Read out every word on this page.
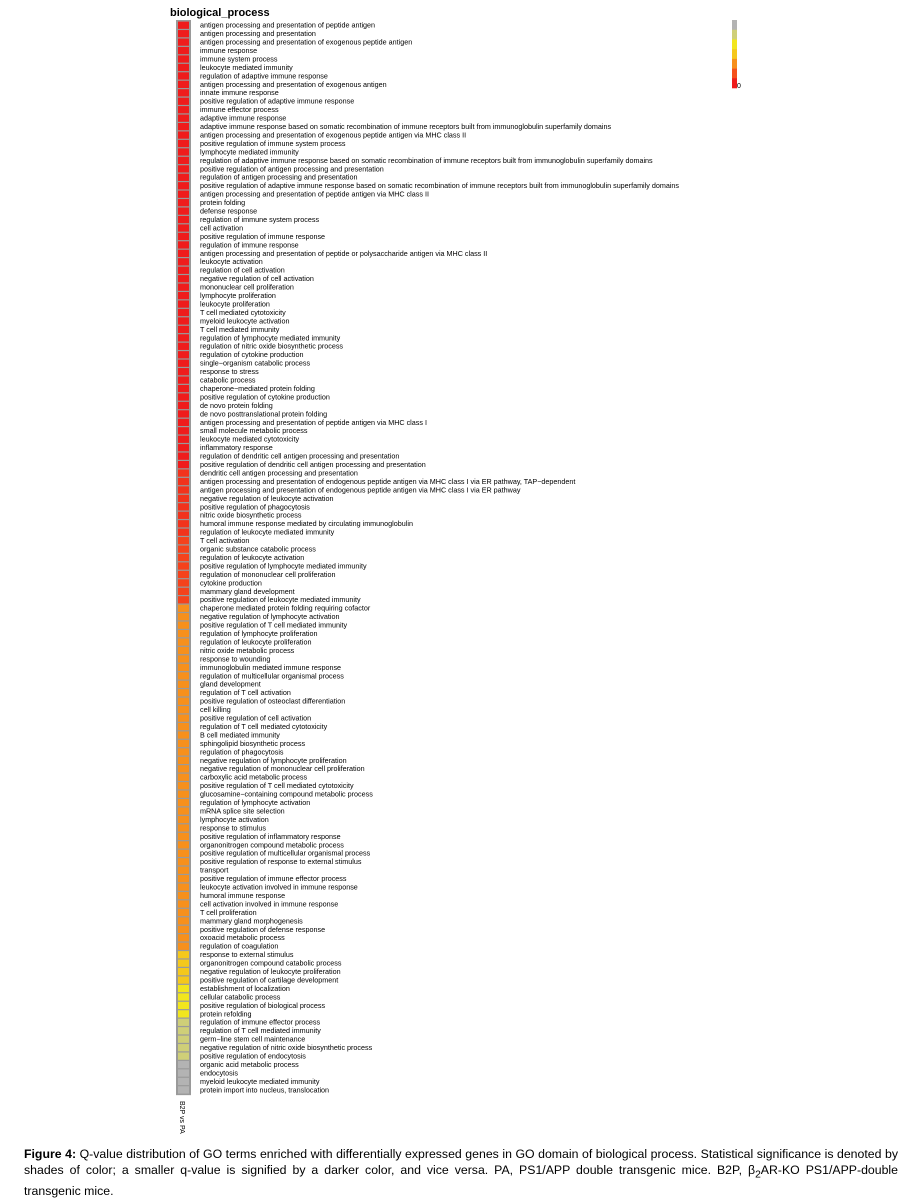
biological_process
antigen processing and presentation of peptide antigen
antigen processing and presentation
antigen processing and presentation of exogenous peptide antigen
immune response
immune system process
leukocyte mediated immunity
regulation of adaptive immune response
antigen processing and presentation of exogenous antigen
innate immune response
positive regulation of adaptive immune response
immune effector process
adaptive immune response
adaptive immune response based on somatic recombination of immune receptors built from immunoglobulin superfamily domains
antigen processing and presentation of exogenous peptide antigen via MHC class II
positive regulation of immune system process
lymphocyte mediated immunity
regulation of adaptive immune response based on somatic recombination of immune receptors built from immunoglobulin superfamily domains
positive regulation of antigen processing and presentation
regulation of antigen processing and presentation
positive regulation of adaptive immune response based on somatic recombination of immune receptors built from immunoglobulin superfamily domains
antigen processing and presentation of peptide antigen via MHC class II
protein folding
defense response
regulation of immune system process
cell activation
positive regulation of immune response
regulation of immune response
antigen processing and presentation of peptide or polysaccharide antigen via MHC class II
leukocyte activation
regulation of cell activation
negative regulation of cell activation
mononuclear cell proliferation
lymphocyte proliferation
leukocyte proliferation
T cell mediated cytotoxicity
myeloid leukocyte activation
T cell mediated immunity
regulation of lymphocyte mediated immunity
regulation of nitric oxide biosynthetic process
regulation of cytokine production
single−organism catabolic process
response to stress
catabolic process
chaperone−mediated protein folding
positive regulation of cytokine production
de novo protein folding
de novo posttranslational protein folding
antigen processing and presentation of peptide antigen via MHC class I
small molecule metabolic process
leukocyte mediated cytotoxicity
inflammatory response
regulation of dendritic cell antigen processing and presentation
positive regulation of dendritic cell antigen processing and presentation
dendritic cell antigen processing and presentation
antigen processing and presentation of endogenous peptide antigen via MHC class I via ER pathway, TAP−dependent
antigen processing and presentation of endogenous peptide antigen via MHC class I via ER pathway
negative regulation of leukocyte activation
positive regulation of phagocytosis
nitric oxide biosynthetic process
humoral immune response mediated by circulating immunoglobulin
regulation of leukocyte mediated immunity
T cell activation
organic substance catabolic process
regulation of leukocyte activation
positive regulation of lymphocyte mediated immunity
regulation of mononuclear cell proliferation
cytokine production
mammary gland development
positive regulation of leukocyte mediated immunity
chaperone mediated protein folding requiring cofactor
negative regulation of lymphocyte activation
positive regulation of T cell mediated immunity
regulation of lymphocyte proliferation
regulation of leukocyte proliferation
nitric oxide metabolic process
response to wounding
immunoglobulin mediated immune response
regulation of multicellular organismal process
gland development
regulation of T cell activation
positive regulation of osteoclast differentiation
cell killing
positive regulation of cell activation
regulation of T cell mediated cytotoxicity
B cell mediated immunity
sphingolipid biosynthetic process
regulation of phagocytosis
negative regulation of lymphocyte proliferation
negative regulation of mononuclear cell proliferation
carboxylic acid metabolic process
positive regulation of T cell mediated cytotoxicity
glucosamine−containing compound metabolic process
regulation of lymphocyte activation
mRNA splice site selection
lymphocyte activation
response to stimulus
positive regulation of inflammatory response
organonitrogen compound metabolic process
positive regulation of multicellular organismal process
positive regulation of response to external stimulus
transport
positive regulation of immune effector process
leukocyte activation involved in immune response
humoral immune response
cell activation involved in immune response
T cell proliferation
mammary gland morphogenesis
positive regulation of defense response
oxoacid metabolic process
regulation of coagulation
response to external stimulus
organonitrogen compound catabolic process
negative regulation of leukocyte proliferation
positive regulation of cartilage development
establishment of localization
cellular catabolic process
positive regulation of biological process
protein refolding
regulation of immune effector process
regulation of T cell mediated immunity
germ−line stem cell maintenance
negative regulation of nitric oxide biosynthetic process
positive regulation of endocytosis
organic acid metabolic process
endocytosis
myeloid leukocyte mediated immunity
protein import into nucleus, translocation
0
B2P vs PA
Figure 4: Q-value distribution of GO terms enriched with differentially expressed genes in GO domain of biological process. Statistical significance is denoted by shades of color; a smaller q-value is signified by a darker color, and vice versa. PA, PS1/APP double transgenic mice. B2P, $\beta_2AR-KO$ PS1/APP-double transgenic mice.
